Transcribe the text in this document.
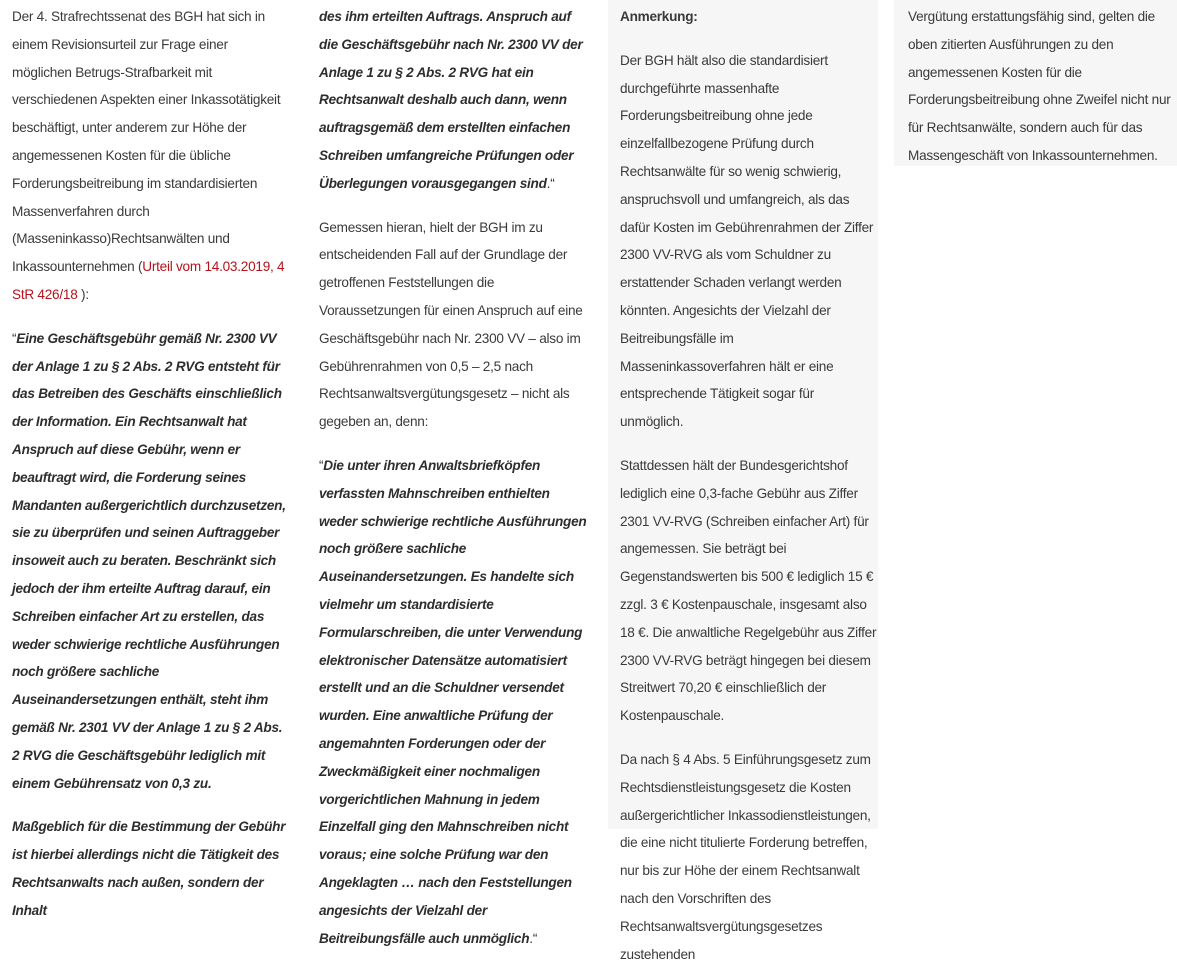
Der 4. Strafrechtssenat des BGH hat sich in einem Revisionsurteil zur Frage einer möglichen Betrugs-Strafbarkeit mit verschiedenen Aspekten einer Inkassotätigkeit beschäftigt, unter anderem zur Höhe der angemessenen Kosten für die übliche Forderungsbeitreibung im standardisierten Massenverfahren durch (Masseninkasso)Rechtsanwälten und Inkassounternehmen (Urteil vom 14.03.2019, 4 StR 426/18 ):

“Eine Geschäftsgebühr gemäß Nr. 2300 VV der Anlage 1 zu § 2 Abs. 2 RVG entsteht für das Betreiben des Geschäfts einschließlich der Information. Ein Rechtsanwalt hat Anspruch auf diese Gebühr, wenn er beauftragt wird, die Forderung seines Mandanten außergerichtlich durchzusetzen, sie zu überprüfen und seinen Auftraggeber insoweit auch zu beraten. Beschränkt sich jedoch der ihm erteilte Auftrag darauf, ein Schreiben einfacher Art zu erstellen, das weder schwierige rechtliche Ausführungen noch größere sachliche Auseinandersetzungen enthält, steht ihm gemäß Nr. 2301 VV der Anlage 1 zu § 2 Abs. 2 RVG die Geschäftsgebühr lediglich mit einem Gebührensatz von 0,3 zu.

Maßgeblich für die Bestimmung der Gebühr ist hierbei allerdings nicht die Tätigkeit des Rechtsanwalts nach außen, sondern der Inhalt

des ihm erteilten Auftrags. Anspruch auf die Geschäftsgebühr nach Nr. 2300 VV der Anlage 1 zu § 2 Abs. 2 RVG hat ein Rechtsanwalt deshalb auch dann, wenn auftragsgemäß dem erstellten einfachen Schreiben umfangreiche Prüfungen oder Überlegungen vorausgegangen sind.“

Gemessen hieran, hielt der BGH im zu entscheidenden Fall auf der Grundlage der getroffenen Feststellungen die Voraussetzungen für einen Anspruch auf eine Geschäftsgebühr nach Nr. 2300 VV – also im Gebührenrahmen von 0,5 – 2,5 nach Rechtsanwaltsvergütungsgesetz – nicht als gegeben an, denn:

“Die unter ihren Anwaltsbriefköpfen verfassten Mahnschreiben enthielten weder schwierige rechtliche Ausführungen noch größere sachliche Auseinandersetzungen. Es handelte sich vielmehr um standardisierte Formularschreiben, die unter Verwendung elektronischer Datensätze automatisiert erstellt und an die Schuldner versendet wurden. Eine anwaltliche Prüfung der angemahnten Forderungen oder der Zweckmäßigkeit einer nochmaligen vorgerichtlichen Mahnung in jedem Einzelfall ging den Mahnschreiben nicht voraus; eine solche Prüfung war den Angeklagten … nach den Feststellungen angesichts der Vielzahl der Beitreibungsfälle auch unmöglich.“

Anmerkung:

Der BGH hält also die standardisiert durchgeführte massenhafte Forderungsbeitreibung ohne jede einzelfallbezogene Prüfung durch Rechtsanwälte für so wenig schwierig, anspruchsvoll und umfangreich, als das dafür Kosten im Gebührenrahmen der Ziffer 2300 VV-RVG als vom Schuldner zu erstattender Schaden verlangt werden könnten. Angesichts der Vielzahl der Beitreibungsfälle im Masseninkassoverfahren hält er eine entsprechende Tätigkeit sogar für unmöglich.

Stattdessen hält der Bundesgerichtshof lediglich eine 0,3-fache Gebühr aus Ziffer 2301 VV-RVG (Schreiben einfacher Art) für angemessen. Sie beträgt bei Gegenstandswerten bis 500 € lediglich 15 € zzgl. 3 € Kostenpauschale, insgesamt also 18 €. Die anwaltliche Regelgebühr aus Ziffer 2300 VV-RVG beträgt hingegen bei diesem Streitwert 70,20 € einschließlich der Kostenpauschale.

Da nach § 4 Abs. 5 Einführungsgesetz zum Rechtsdienstleistungsgesetz die Kosten außergerichtlicher Inkassodienstleistungen, die eine nicht titulierte Forderung betreffen, nur bis zur Höhe der einem Rechtsanwalt nach den Vorschriften des Rechtsanwaltsvergütungsgesetzes zustehenden

Vergütung erstattungsfähig sind, gelten die oben zitierten Ausführungen zu den angemessenen Kosten für die Forderungsbeitreibung ohne Zweifel nicht nur für Rechtsanwälte, sondern auch für das Massengeschäft von Inkassounternehmen.
